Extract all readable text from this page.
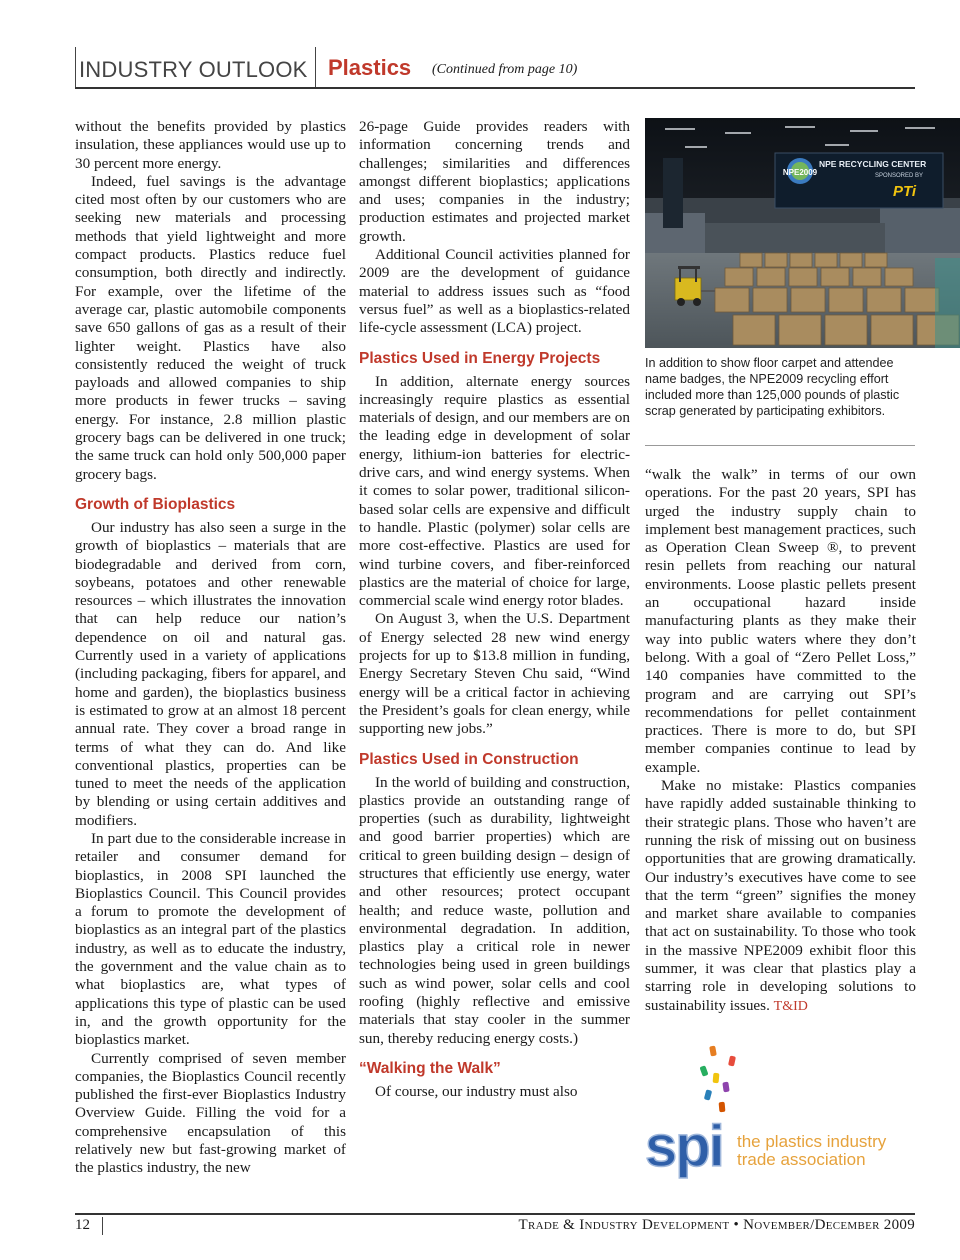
INDUSTRY OUTLOOK Plastics (Continued from page 10)

without the benefits provided by plastics insulation, these appliances would use up to 30 percent more energy.

Indeed, fuel savings is the advantage cited most often by our customers who are seeking new materials and processing methods that yield lightweight and more compact products. Plastics reduce fuel consumption, both directly and indirectly. For example, over the lifetime of the average car, plastic automobile components save 650 gallons of gas as a result of their lighter weight. Plastics have also consistently reduced the weight of truck payloads and allowed companies to ship more products in fewer trucks – saving energy. For instance, 2.8 million plastic grocery bags can be delivered in one truck; the same truck can hold only 500,000 paper grocery bags.

Growth of Bioplastics

Our industry has also seen a surge in the growth of bioplastics – materials that are biodegradable and derived from corn, soybeans, potatoes and other renewable resources – which illustrates the innovation that can help reduce our nation’s dependence on oil and natural gas. Currently used in a variety of applications (including packaging, fibers for apparel, and home and garden), the bioplastics business is estimated to grow at an almost 18 percent annual rate. They cover a broad range in terms of what they can do. And like conventional plastics, properties can be tuned to meet the needs of the application by blending or using certain additives and modifiers.

In part due to the considerable increase in retailer and consumer demand for bioplastics, in 2008 SPI launched the Bioplastics Council. This Council provides a forum to promote the development of bioplastics as an integral part of the plastics industry, as well as to educate the industry, the government and the value chain as to what bioplastics are, what types of applications this type of plastic can be used in, and the growth opportunity for the bioplastics market.

Currently comprised of seven member companies, the Bioplastics Council recently published the first-ever Bioplastics Industry Overview Guide. Filling the void for a comprehensive encapsulation of this relatively new but fast-growing market of the plastics industry, the new

26-page Guide provides readers with information concerning trends and challenges; similarities and differences amongst different bioplastics; applications and uses; companies in the industry; production estimates and projected market growth.

Additional Council activities planned for 2009 are the development of guidance material to address issues such as “food versus fuel” as well as a bioplastics-related life-cycle assessment (LCA) project.

Plastics Used in Energy Projects

In addition, alternate energy sources increasingly require plastics as essential materials of design, and our members are on the leading edge in development of solar energy, lithium-ion batteries for electric-drive cars, and wind energy systems. When it comes to solar power, traditional silicon-based solar cells are expensive and difficult to handle. Plastic (polymer) solar cells are more cost-effective. Plastics are used for wind turbine covers, and fiber-reinforced plastics are the material of choice for large, commercial scale wind energy rotor blades.

On August 3, when the U.S. Department of Energy selected 28 new wind energy projects for up to $13.8 million in funding, Energy Secretary Steven Chu said, “Wind energy will be a critical factor in achieving the President’s goals for clean energy, while supporting new jobs.”

Plastics Used in Construction

In the world of building and construction, plastics provide an outstanding range of properties (such as durability, lightweight and good barrier properties) which are critical to green building design – design of structures that efficiently use energy, water and other resources; protect occupant health; and reduce waste, pollution and environmental degradation. In addition, plastics play a critical role in newer technologies being used in green buildings such as wind power, solar cells and cool roofing (highly reflective and emissive materials that stay cooler in the summer sun, thereby reducing energy costs.)

“Walking the Walk”

Of course, our industry must also

NPE2009
NPE RECYCLING CENTER
SPONSORED BY
PTi
In addition to show floor carpet and attendee name badges, the NPE2009 recycling effort included more than 125,000 pounds of plastic scrap generated by participating exhibitors.

“walk the walk” in terms of our own operations. For the past 20 years, SPI has urged the industry supply chain to implement best management practices, such as Operation Clean Sweep ®, to prevent resin pellets from reaching our natural environments. Loose plastic pellets present an occupational hazard inside manufacturing plants as they make their way into public waters where they don’t belong. With a goal of “Zero Pellet Loss,” 140 companies have committed to the program and are carrying out SPI’s recommendations for pellet containment practices. There is more to do, but SPI member companies continue to lead by example.

Make no mistake: Plastics companies have rapidly added sustainable thinking to their strategic plans. Those who haven’t are running the risk of missing out on business opportunities that are growing dramatically. Our industry’s executives have come to see that the term “green” signifies the money and market share available to companies that act on sustainability. To those who took in the massive NPE2009 exhibit floor this summer, it was clear that plastics play a starring role in developing solutions to sustainability issues. T&ID

spi the plastics industry
trade association
12	Trade & Industry Development • November/December 2009
